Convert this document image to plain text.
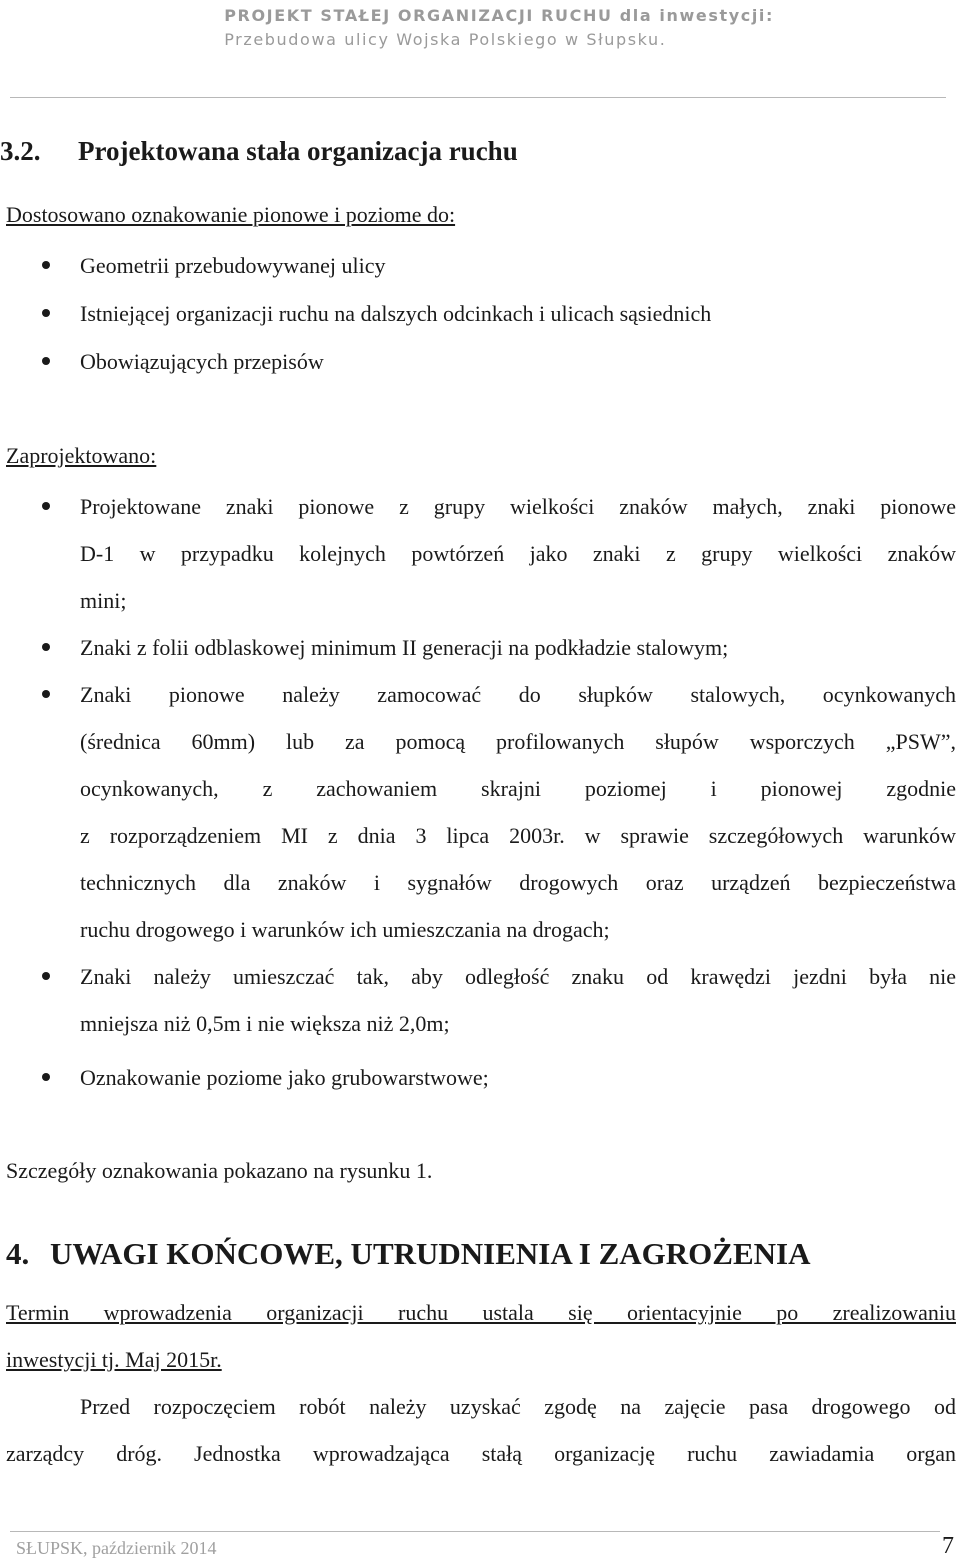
PROJEKT STAŁEJ ORGANIZACJI RUCHU dla inwestycji:
Przebudowa ulicy Wojska Polskiego w Słupsku.
3.2. Projektowana stała organizacja ruchu
Dostosowano oznakowanie pionowe i poziome do:
Geometrii przebudowywanej ulicy
Istniejącej organizacji ruchu na dalszych odcinkach i ulicach sąsiednich
Obowiązujących przepisów
Zaprojektowano:
Projektowane znaki pionowe z grupy wielkości znaków małych, znaki pionowe
D-1 w przypadku kolejnych powtórzeń jako znaki z grupy wielkości znaków
mini;
Znaki z folii odblaskowej minimum II generacji na podkładzie stalowym;
Znaki pionowe należy zamocować do słupków stalowych, ocynkowanych
(średnica 60mm) lub za pomocą profilowanych słupów wsporczych „PSW”,
ocynkowanych, z zachowaniem skrajni poziomej i pionowej zgodnie
z rozporządzeniem MI z dnia 3 lipca 2003r. w sprawie szczegółowych warunków
technicznych dla znaków i sygnałów drogowych oraz urządzeń bezpieczeństwa
ruchu drogowego i warunków ich umieszczania na drogach;
Znaki należy umieszczać tak, aby odległość znaku od krawędzi jezdni była nie
mniejsza niż 0,5m i nie większa niż 2,0m;
Oznakowanie poziome jako grubowarstwowe;
Szczegóły oznakowania pokazano na rysunku 1.
4. UWAGI KOŃCOWE, UTRUDNIENIA I ZAGROŻENIA
Termin wprowadzenia organizacji ruchu ustala się orientacyjnie po zrealizowaniu
inwestycji tj. Maj 2015r.
Przed rozpoczęciem robót należy uzyskać zgodę na zajęcie pasa drogowego od
zarządcy dróg. Jednostka wprowadzająca stałą organizację ruchu zawiadamia organ
SŁUPSK, październik 2014	7
